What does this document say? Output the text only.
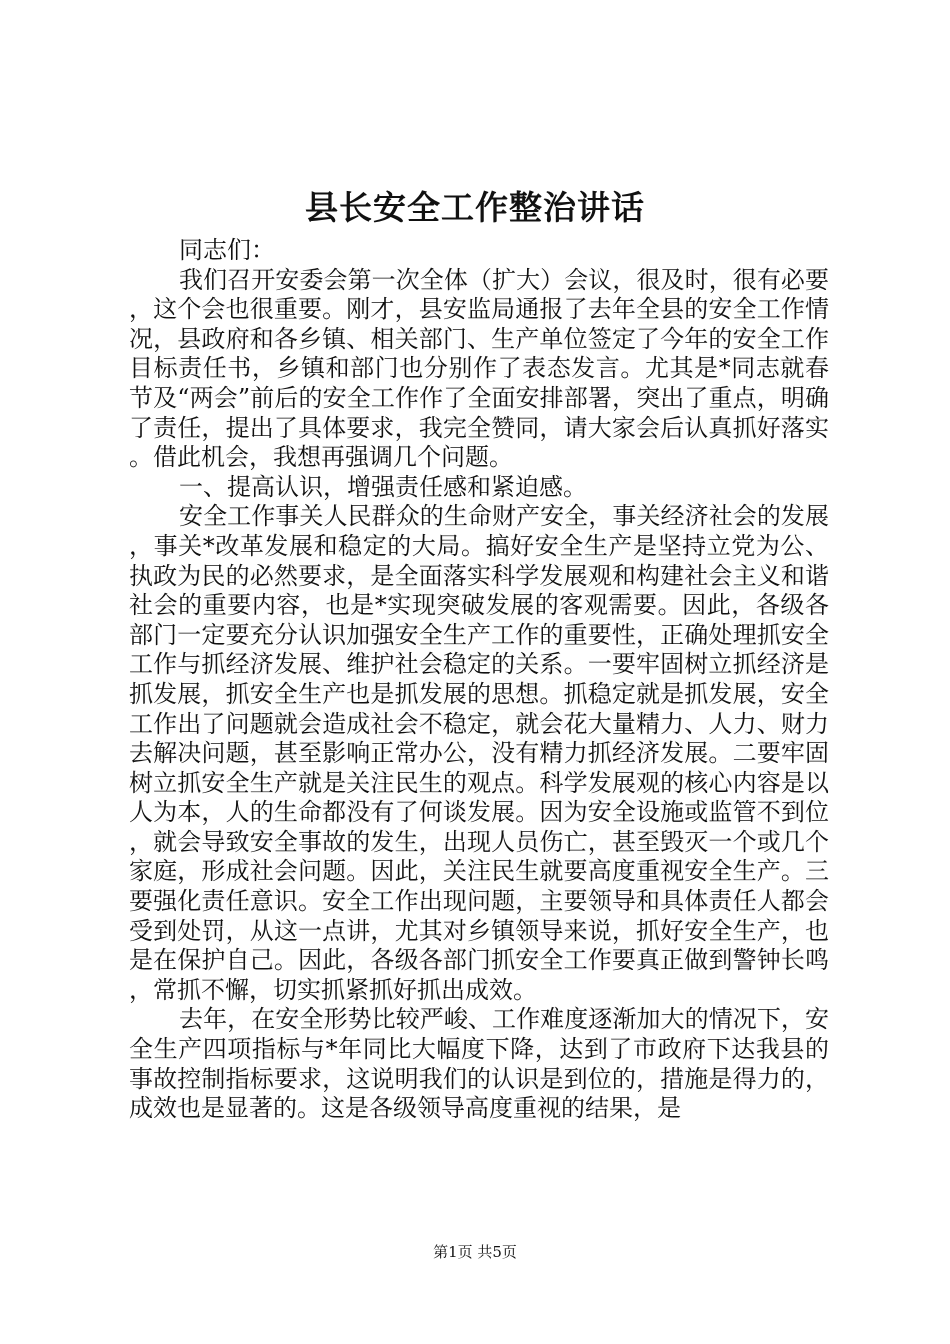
县长安全工作整治讲话

同志们：

我们召开安委会第一次全体（扩大）会议，很及时，很有必要，这个会也很重要。刚才，县安监局通报了去年全县的安全工作情况，县政府和各乡镇、相关部门、生产单位签定了今年的安全工作目标责任书，乡镇和部门也分别作了表态发言。尤其是*同志就春节及“两会”前后的安全工作作了全面安排部署，突出了重点，明确了责任，提出了具体要求，我完全赞同，请大家会后认真抓好落实。借此机会，我想再强调几个问题。

一、提高认识，增强责任感和紧迫感。

安全工作事关人民群众的生命财产安全，事关经济社会的发展，事关*改革发展和稳定的大局。搞好安全生产是坚持立党为公、执政为民的必然要求，是全面落实科学发展观和构建社会主义和谐社会的重要内容，也是*实现突破发展的客观需要。因此，各级各部门一定要充分认识加强安全生产工作的重要性，正确处理抓安全工作与抓经济发展、维护社会稳定的关系。一要牢固树立抓经济是抓发展，抓安全生产也是抓发展的思想。抓稳定就是抓发展，安全工作出了问题就会造成社会不稳定，就会花大量精力、人力、财力去解决问题，甚至影响正常办公，没有精力抓经济发展。二要牢固树立抓安全生产就是关注民生的观点。科学发展观的核心内容是以人为本，人的生命都没有了何谈发展。因为安全设施或监管不到位，就会导致安全事故的发生，出现人员伤亡，甚至毁灭一个或几个家庭，形成社会问题。因此，关注民生就要高度重视安全生产。三要强化责任意识。安全工作出现问题，主要领导和具体责任人都会受到处罚，从这一点讲，尤其对乡镇领导来说，抓好安全生产，也是在保护自己。因此，各级各部门抓安全工作要真正做到警钟长鸣，常抓不懈，切实抓紧抓好抓出成效。

去年，在安全形势比较严峻、工作难度逐渐加大的情况下，安全生产四项指标与*年同比大幅度下降，达到了市政府下达我县的事故控制指标要求，这说明我们的认识是到位的，措施是得力的，成效也是显著的。这是各级领导高度重视的结果，是

第1页 共5页
